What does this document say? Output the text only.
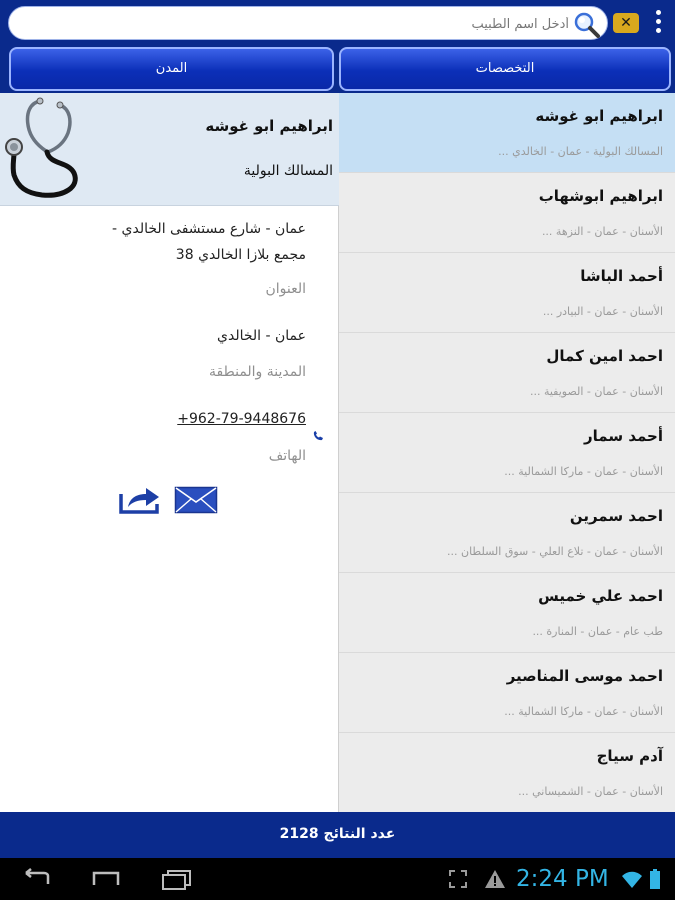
أدخل اسم الطبيب
✕
المدن	التخصصات
ابراهيم ابو غوشه
المسالك البولية - عمان - الخالدي ...
ابراهيم ابوشهاب
الأسنان - عمان - النزهة ...
أحمد الباشا
الأسنان - عمان - البيادر ...
احمد امين كمال
الأسنان - عمان - الصويفية ...
أحمد سمار
الأسنان - عمان - ماركا الشمالية ...
احمد سمرين
الأسنان - عمان - تلاع العلي - سوق السلطان ...
احمد علي خميس
طب عام - عمان - المنارة ...
احمد موسى المناصير
الأسنان - عمان - ماركا الشمالية ...
آدم سياج
الأسنان - عمان - الشميساني ...
ابراهيم ابو غوشه
المسالك البولية
عمان - شارع مستشفى الخالدي - مجمع بلازا الخالدي 38
العنوان
عمان - الخالدي
المدينة والمنطقة
+962-79-9448676
الهاتف
عدد النتائج 2128
2:24 PM
